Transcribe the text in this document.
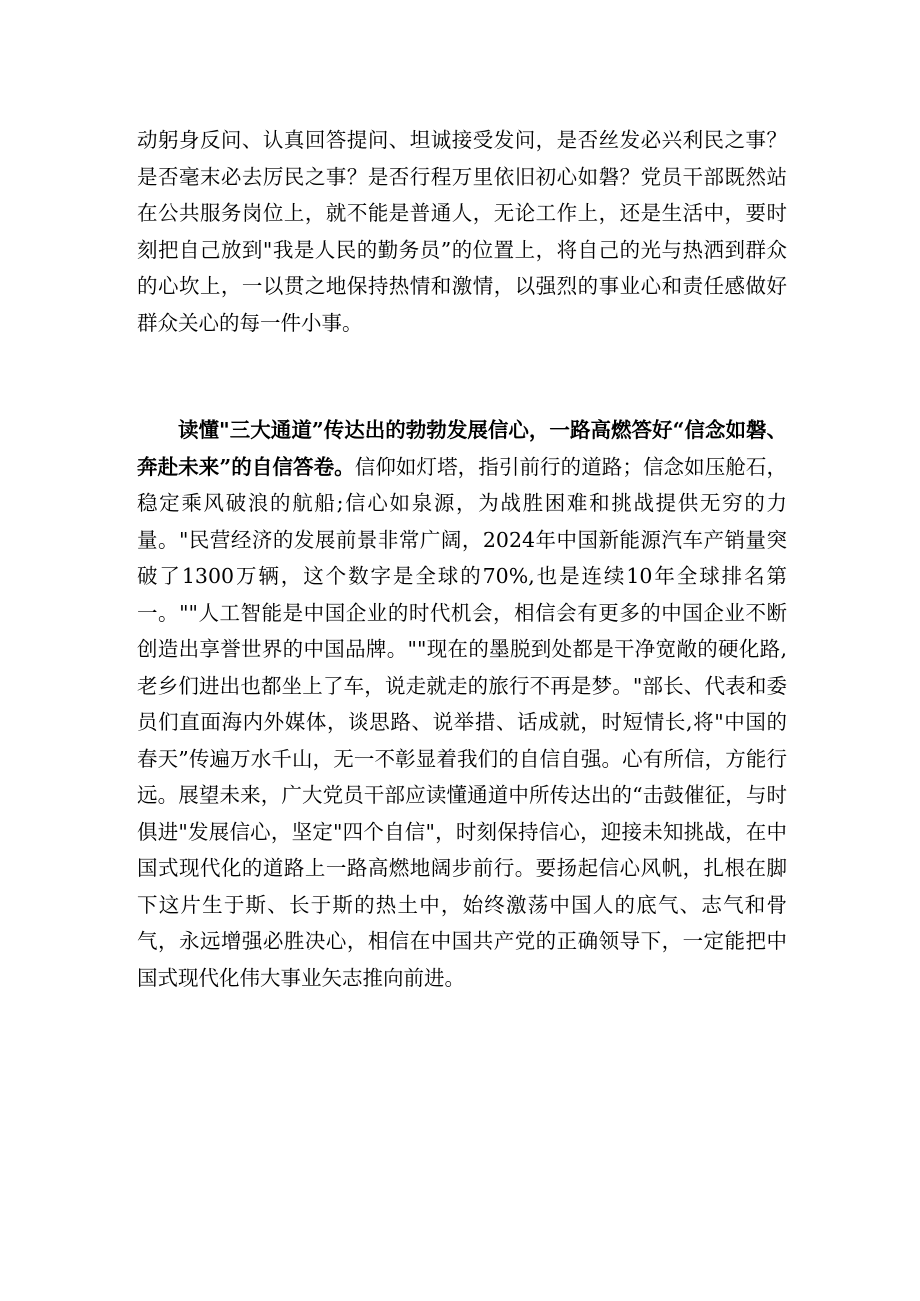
动躬身反问、认真回答提问、坦诚接受发问，是否丝发必兴利民之事？是否毫末必去厉民之事？是否行程万里依旧初心如磐？党员干部既然站在公共服务岗位上，就不能是普通人，无论工作上，还是生活中，要时刻把自己放到"我是人民的勤务员”的位置上，将自己的光与热洒到群众的心坎上，一以贯之地保持热情和激情，以强烈的事业心和责任感做好群众关心的每一件小事。

读懂"三大通道”传达出的勃勃发展信心，一路高燃答好“信念如磐、奔赴未来”的自信答卷。信仰如灯塔，指引前行的道路；信念如压舱石，稳定乘风破浪的航船;信心如泉源，为战胜困难和挑战提供无穷的力量。"民营经济的发展前景非常广阔，2024年中国新能源汽车产销量突破了1300万辆，这个数字是全球的70%,也是连续10年全球排名第一。""人工智能是中国企业的时代机会，相信会有更多的中国企业不断创造出享誉世界的中国品牌。""现在的墨脱到处都是干净宽敞的硬化路,老乡们进出也都坐上了车，说走就走的旅行不再是梦。"部长、代表和委员们直面海内外媒体，谈思路、说举措、话成就，时短情长,将"中国的春天”传遍万水千山，无一不彰显着我们的自信自强。心有所信，方能行远。展望未来，广大党员干部应读懂通道中所传达出的“击鼓催征，与时俱进"发展信心，坚定"四个自信"，时刻保持信心，迎接未知挑战，在中国式现代化的道路上一路高燃地阔步前行。要扬起信心风帆，扎根在脚下这片生于斯、长于斯的热土中，始终激荡中国人的底气、志气和骨气，永远增强必胜决心，相信在中国共产党的正确领导下，一定能把中国式现代化伟大事业矢志推向前进。
